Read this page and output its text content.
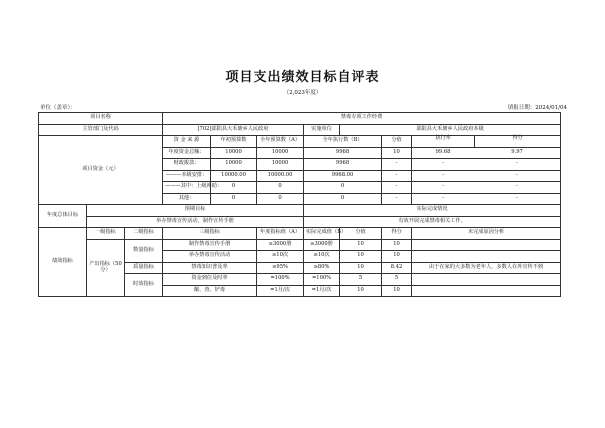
项目支出绩效目标自评表
（2,023年度）
单位（盖章）：	填报日期：2024/01/04
项目名称			禁毒专项工作经费						
主管部门及代码			[702]邵阳县大禾塘乡人民政府			实施单位	邵阳县大禾塘乡人民政府本级		
项目资金（元）			资 金 来 源	年初预算数	全年预算数（A）	全年执行数（B）		分值	执行率 得分

			年度资金总额：	10000	10000	9968		10	99.68 9.97

			财政拨款：	10000	10000	9968		-	- -

			———本级安排：	10000.00	10000.00	9968.00		-	- -

			———其中：上级补助：	0	0	0		-	- -

			其他：	0	0	0		-	- -

年度总体目标	预期目标					实际完成情况			
	举办禁毒宣传活动，制作宣传手册					有效开展完成禁毒相关工作。			
绩效指标	一级指标	二级指标	三级指标		年度指标值（A）	实际完成值（B）	分值	得分	未完成原因分析
	产出指标（50分）	数量指标	制作禁毒宣传手册		≥3000册	≥3000册	10	10	
			举办禁毒宣传活动		≥10次	≥10次	10	10	
		质量指标	禁毒知识普及率		≥95%	≥80%	10	8.42	由于在家的大多数为老年人，多数人在外宣传不到
		时效指标	资金到位及时率		=100%	=100%	5	5	
			酿、查、铲毒		=1月/次	=1月/次	10	10	
